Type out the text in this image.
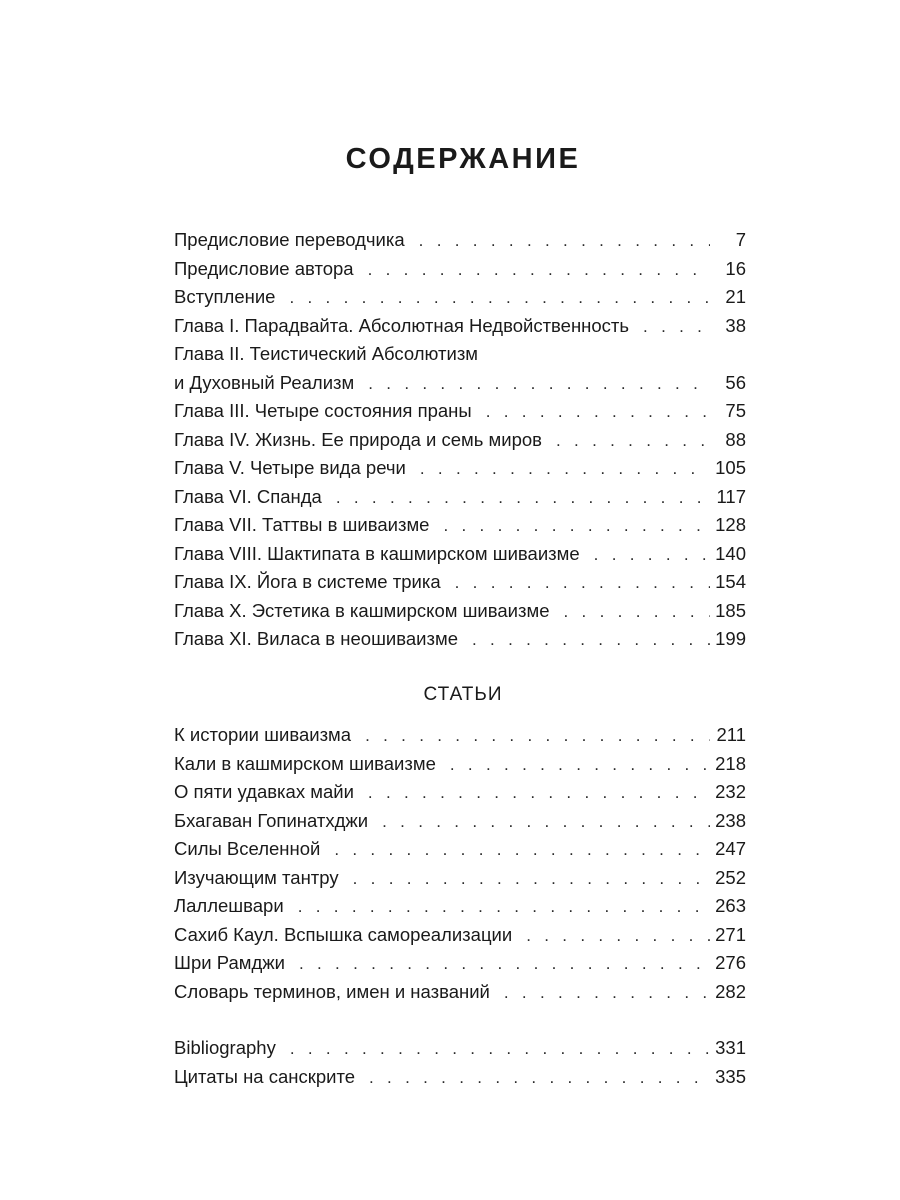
СОДЕРЖАНИЕ
Предисловие переводчика . . .	7
Предисловие автора . . .	16
Вступление . . .	21
Глава I. Парадвайта. Абсолютная Недвойственность . . .	38
Глава II. Теистический Абсолютизм
и Духовный Реализм . . .	56
Глава III. Четыре состояния праны . . .	75
Глава IV. Жизнь. Ее природа и семь миров . . .	88
Глава V. Четыре вида речи . . .	105
Глава VI. Спанда . . .	117
Глава VII. Таттвы в шиваизме . . .	128
Глава VIII. Шактипата в кашмирском шиваизме . . .	140
Глава IX. Йога в системе трика . . .	154
Глава X. Эстетика в кашмирском шиваизме . . .	185
Глава XI. Виласа в неошиваизме . . .	199
СТАТЬИ
К истории шиваизма . . .	211
Кали в кашмирском шиваизме . . .	218
О пяти удавках майи . . .	232
Бхагаван Гопинатхджи . . .	238
Силы Вселенной . . .	247
Изучающим тантру . . .	252
Лаллешвари . . .	263
Сахиб Каул. Вспышка самореализации . . .	271
Шри Рамджи . . .	276
Словарь терминов, имен и названий . . .	282
Bibliography . . .	331
Цитаты на санскрите . . .	335
